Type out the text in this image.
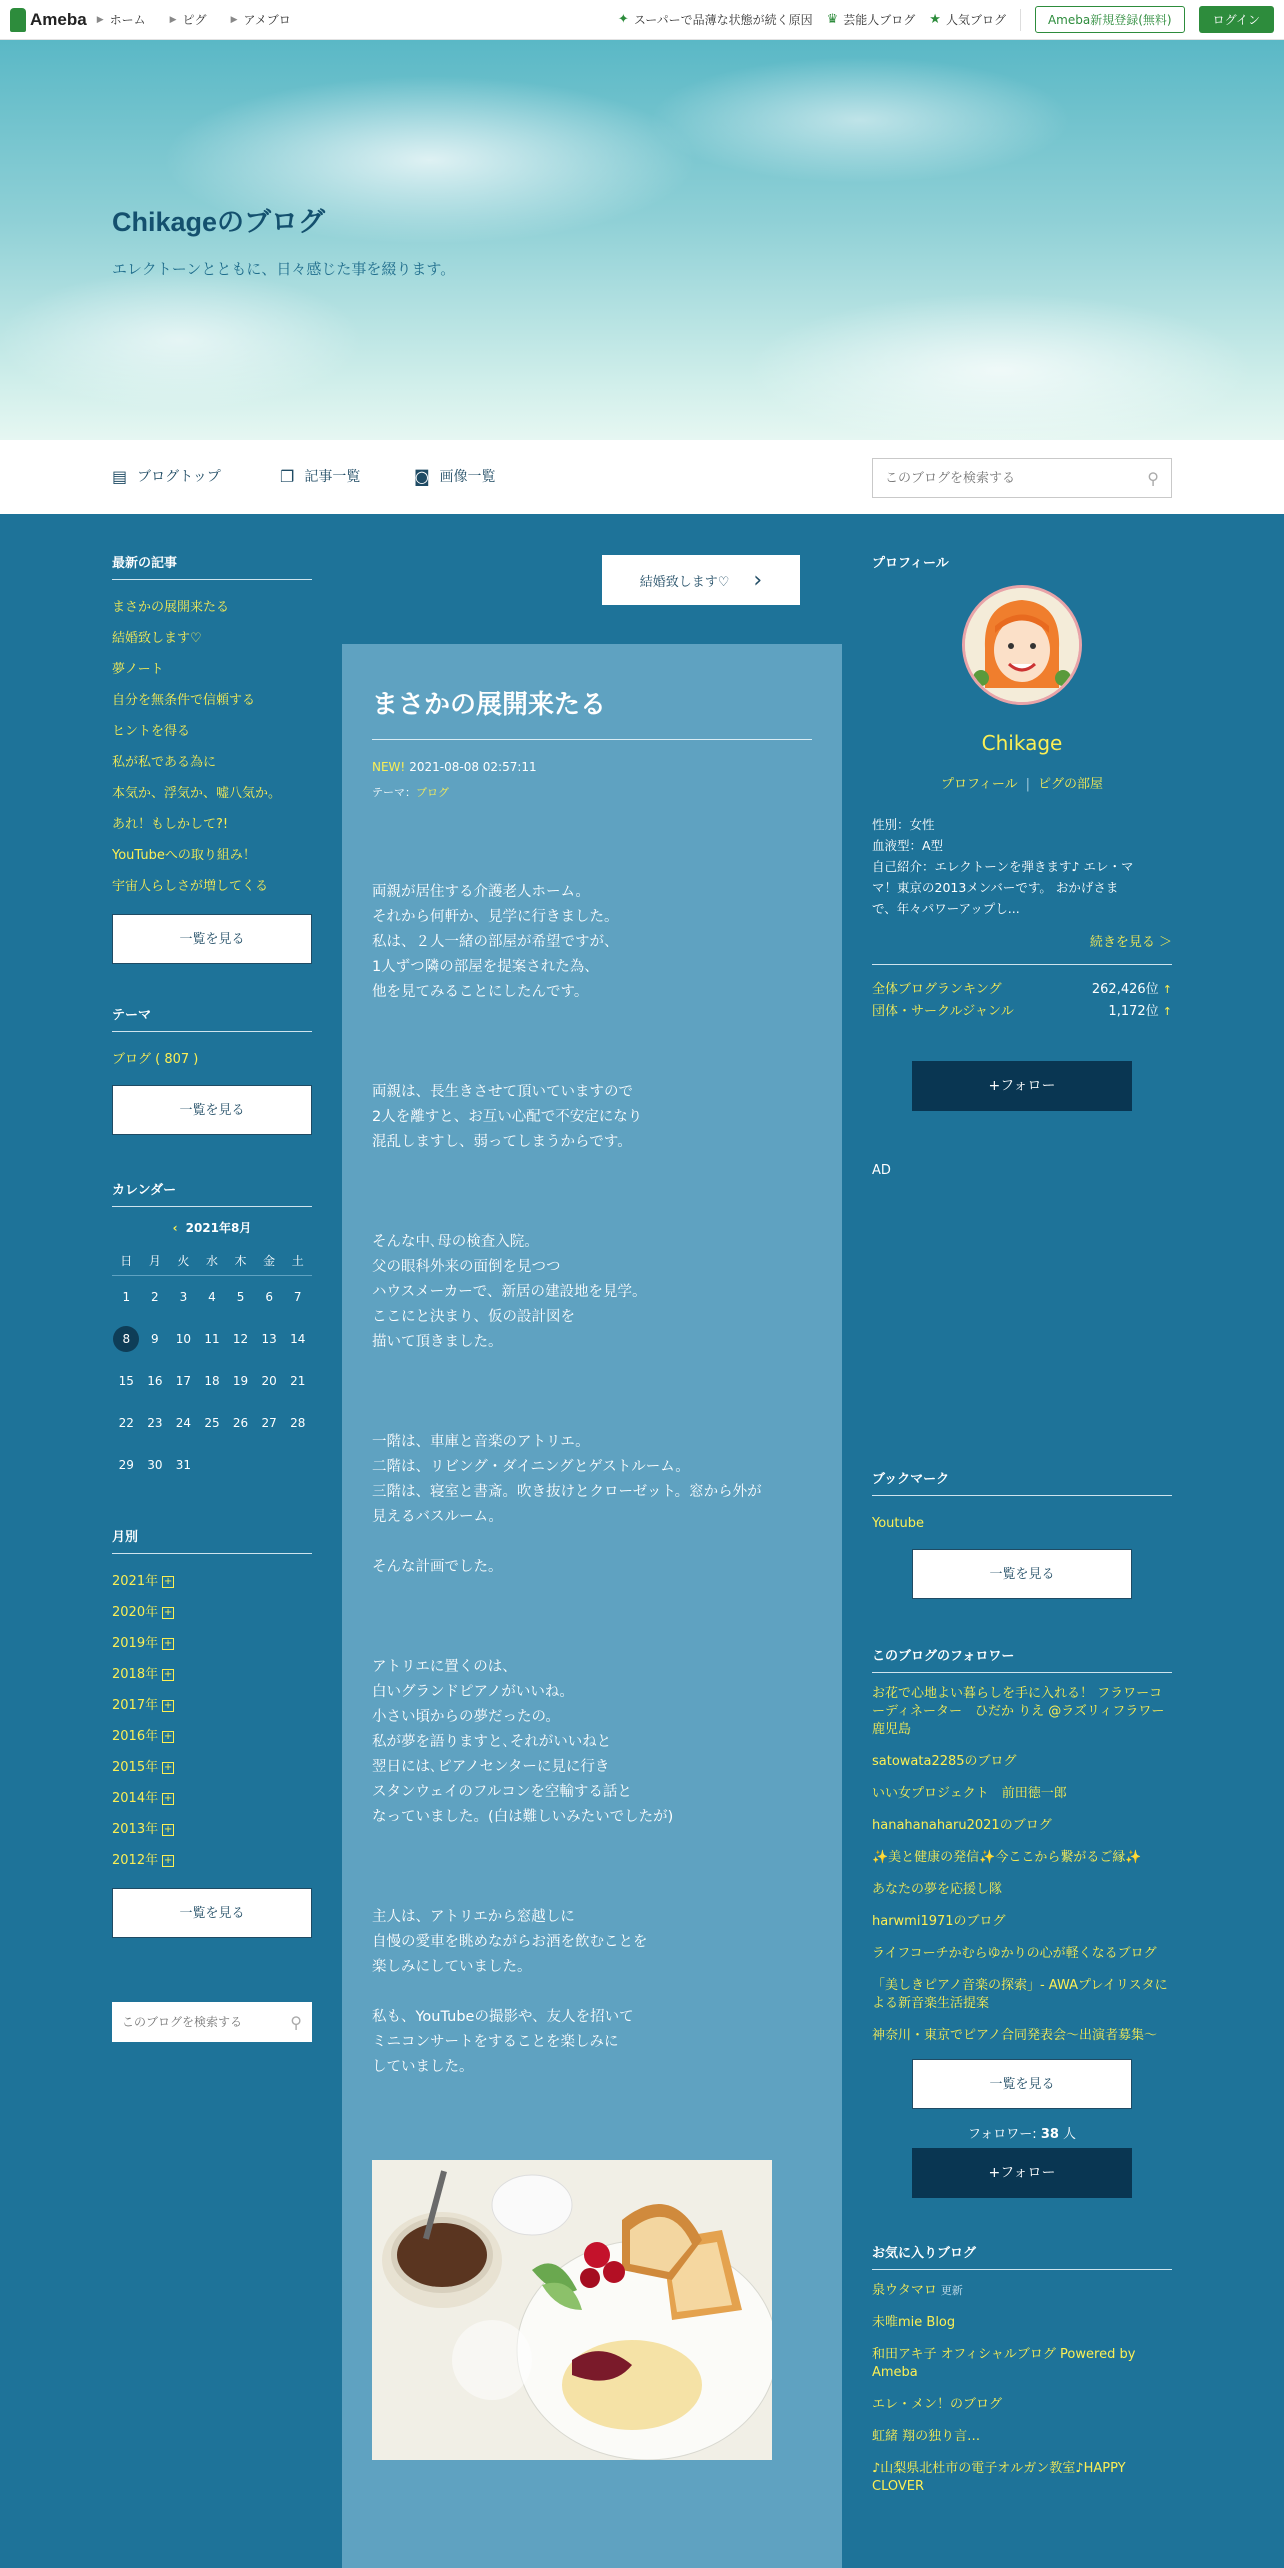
Ameba ▶ ホーム	▶ ピグ	▶ アメブロ	✦ スーパーで品薄な状態が続く原因 ♛ 芸能人ブログ ★ 人気ブログ	Ameba新規登録(無料)	ログイン
Chikageのブログ
エレクトーンとともに、日々感じた事を綴ります。
▤ ブログトップ	❐ 記事一覧	◙ 画像一覧
このブログを検索する	⚲
最新の記事
まさかの展開来たる
結婚致します♡
夢ノート
自分を無条件で信頼する
ヒントを得る
私が私である為に
本気か、浮気か、嘘八気か。
あれ！もしかして?!
YouTubeへの取り組み！
宇宙人らしさが増してくる
一覧を見る
テーマ
ブログ ( 807 )
一覧を見る
カレンダー
‹ 2021年8月
日	月	火	水	木	金	土
1	2	3	4	5	6	7
8	9	10	11	12	13	14
15	16	17	18	19	20	21
22	23	24	25	26	27	28
29	30	31
月別
2021年 +
2020年 +
2019年 +
2018年 +
2017年 +
2016年 +
2015年 +
2014年 +
2013年 +
2012年 +
一覧を見る
このブログを検索する
⚲
結婚致します♡ ›
まさかの展開来たる
NEW! 2021-08-08 02:57:11
テーマ：ブログ

両親が居住する介護老人ホーム。
それから何軒か、見学に行きました。
私は、２人一緒の部屋が希望ですが、
1人ずつ隣の部屋を提案された為、
他を見てみることにしたんです。

両親は、長生きさせて頂いていますので
2人を離すと、お互い心配で不安定になり
混乱しますし、弱ってしまうからです。

そんな中､母の検査入院。
父の眼科外来の面倒を見つつ
ハウスメーカーで、新居の建設地を見学。
ここにと決まり、仮の設計図を
描いて頂きました。

一階は、車庫と音楽のアトリエ。
二階は、リビング・ダイニングとゲストルーム。
三階は、寝室と書斎。吹き抜けとクローゼット。窓から外が
見えるバスルーム。

そんな計画でした。

アトリエに置くのは、
白いグランドピアノがいいね。
小さい頃からの夢だったの。
私が夢を語りますと､それがいいねと
翌日には､ピアノセンターに見に行き
スタンウェイのフルコンを空輸する話と
なっていました。(白は難しいみたいでしたが)

主人は、アトリエから窓越しに
自慢の愛車を眺めながらお酒を飲むことを
楽しみにしていました。

私も、YouTubeの撮影や、友人を招いて
ミニコンサートをすることを楽しみに
していました。

プロフィール
Chikage
プロフィール | ピグの部屋
性別：女性
血液型：A型
自己紹介：エレクトーンを弾きます♪ エレ・マ
マ！東京の2013メンバーです。 おかげさま
で、年々パワーアップし...
続きを見る ＞
全体ブログランキング	262,426位 ↑
団体・サークルジャンル	1,172位 ↑
+フォロー
AD
ブックマーク
Youtube
一覧を見る
このブログのフォロワー
お花で心地よい暮らしを手に入れる！ フラワーコーディネーター　ひだか りえ @ラズリィフラワー 鹿児島
satowata2285のブログ
いい女プロジェクト　前田徳一郎
hanahanaharu2021のブログ
✨美と健康の発信✨今ここから繋がるご縁✨
あなたの夢を応援し隊
harwmi1971のブログ
ライフコーチかむらゆかりの心が軽くなるブログ
「美しきピアノ音楽の探索」- AWAプレイリスタによる新音楽生活提案
神奈川・東京でピアノ合同発表会～出演者募集～
一覧を見る
フォロワー: 38 人
+フォロー
お気に入りブログ
泉ウタマロ 更新
未唯mie Blog
和田アキ子 オフィシャルブログ Powered by Ameba
エレ・メン！のブログ
虹緒 翔の独り言…
♪山梨県北杜市の電子オルガン教室♪HAPPY CLOVER
